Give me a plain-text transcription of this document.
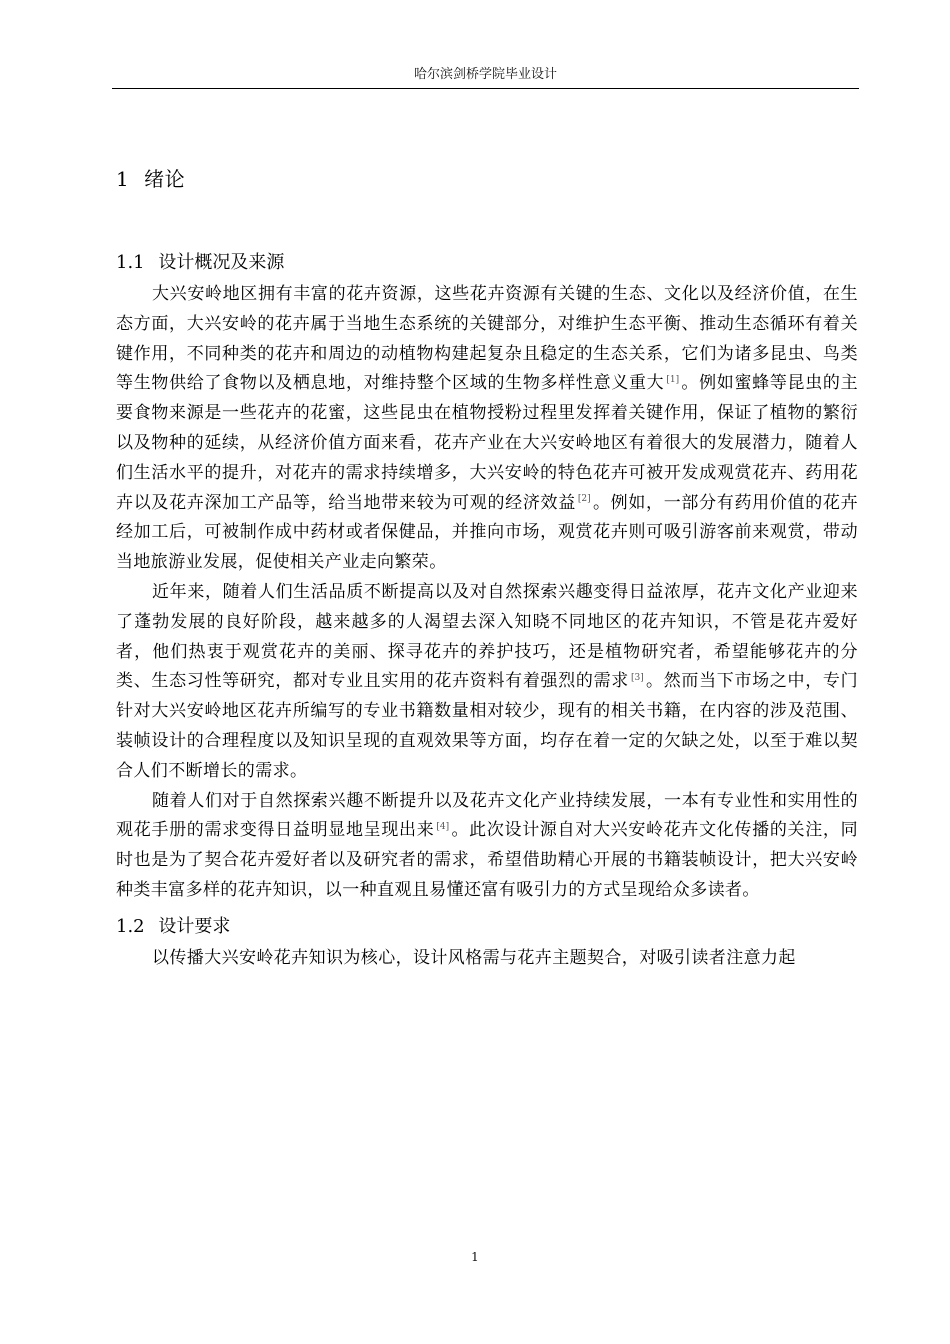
哈尔滨剑桥学院毕业设计
1 绪论
1.1 设计概况及来源

大兴安岭地区拥有丰富的花卉资源，这些花卉资源有关键的生态、文化以及经济价值，在生态方面，大兴安岭的花卉属于当地生态系统的关键部分，对维护生态平衡、推动生态循环有着关键作用，不同种类的花卉和周边的动植物构建起复杂且稳定的生态关系，它们为诸多昆虫、鸟类等生物供给了食物以及栖息地，对维持整个区域的生物多样性意义重大 [1] 。例如蜜蜂等昆虫的主要食物来源是一些花卉的花蜜，这些昆虫在植物授粉过程里发挥着关键作用，保证了植物的繁衍以及物种的延续，从经济价值方面来看，花卉产业在大兴安岭地区有着很大的发展潜力，随着人们生活水平的提升，对花卉的需求持续增多，大兴安岭的特色花卉可被开发成观赏花卉、药用花卉以及花卉深加工产品等，给当地带来较为可观的经济效益 [2] 。例如，一部分有药用价值的花卉经加工后，可被制作成中药材或者保健品，并推向市场，观赏花卉则可吸引游客前来观赏，带动当地旅游业发展，促使相关产业走向繁荣。

近年来，随着人们生活品质不断提高以及对自然探索兴趣变得日益浓厚，花卉文化产业迎来了蓬勃发展的良好阶段，越来越多的人渴望去深入知晓不同地区的花卉知识，不管是花卉爱好者，他们热衷于观赏花卉的美丽、探寻花卉的养护技巧，还是植物研究者，希望能够花卉的分类、生态习性等研究，都对专业且实用的花卉资料有着强烈的需求 [3] 。然而当下市场之中，专门针对大兴安岭地区花卉所编写的专业书籍数量相对较少，现有的相关书籍，在内容的涉及范围、装帧设计的合理程度以及知识呈现的直观效果等方面，均存在着一定的欠缺之处，以至于难以契合人们不断增长的需求。

随着人们对于自然探索兴趣不断提升以及花卉文化产业持续发展，一本有专业性和实用性的观花手册的需求变得日益明显地呈现出来 [4] 。此次设计源自对大兴安岭花卉文化传播的关注，同时也是为了契合花卉爱好者以及研究者的需求，希望借助精心开展的书籍装帧设计，把大兴安岭种类丰富多样的花卉知识，以一种直观且易懂还富有吸引力的方式呈现给众多读者。

1.2 设计要求

以传播大兴安岭花卉知识为核心，设计风格需与花卉主题契合，对吸引读者注意力起

1
